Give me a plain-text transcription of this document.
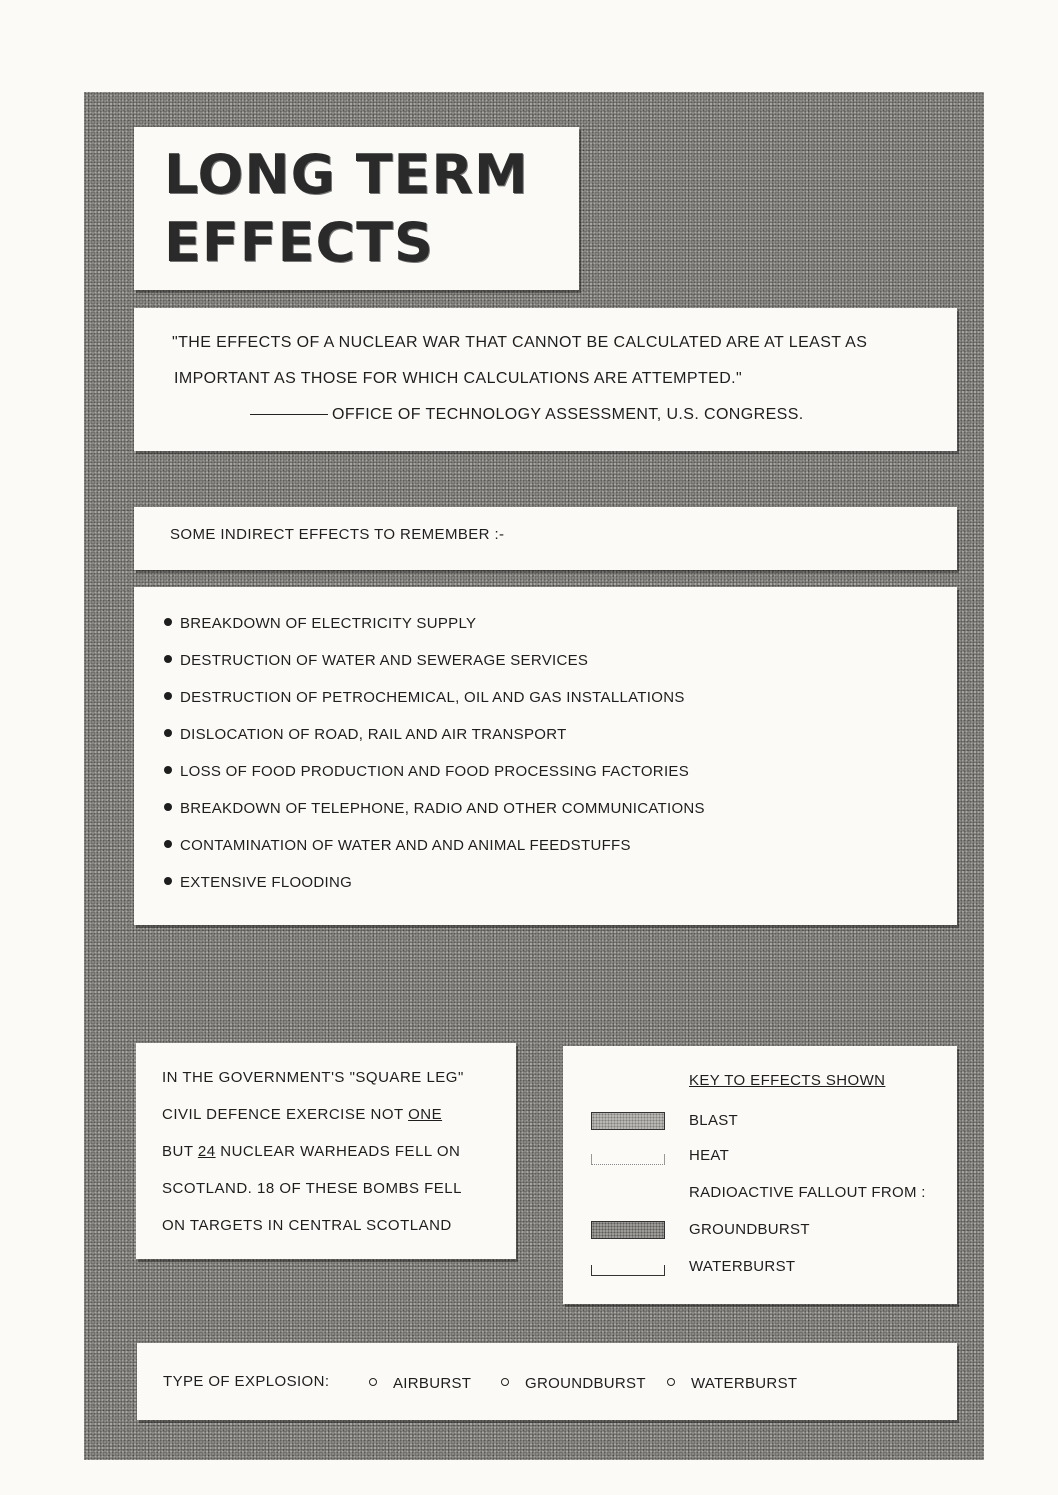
LONG TERM
EFFECTS
"THE EFFECTS OF A NUCLEAR WAR THAT CANNOT BE CALCULATED ARE AT LEAST AS
IMPORTANT AS THOSE FOR WHICH CALCULATIONS ARE ATTEMPTED."
OFFICE OF TECHNOLOGY ASSESSMENT, U.S. CONGRESS.
SOME INDIRECT EFFECTS TO REMEMBER :-
BREAKDOWN OF ELECTRICITY SUPPLY
DESTRUCTION OF WATER AND SEWERAGE SERVICES
DESTRUCTION OF PETROCHEMICAL, OIL AND GAS INSTALLATIONS
DISLOCATION OF ROAD, RAIL AND AIR TRANSPORT
LOSS OF FOOD PRODUCTION AND FOOD PROCESSING FACTORIES
BREAKDOWN OF TELEPHONE, RADIO AND OTHER COMMUNICATIONS
CONTAMINATION OF WATER AND AND ANIMAL FEEDSTUFFS
EXTENSIVE FLOODING
IN THE GOVERNMENT'S "SQUARE LEG"
CIVIL DEFENCE EXERCISE NOT ONE
BUT 24 NUCLEAR WARHEADS FELL ON
SCOTLAND. 18 OF THESE BOMBS FELL
ON TARGETS IN CENTRAL SCOTLAND
KEY TO EFFECTS SHOWN
BLAST
HEAT
RADIOACTIVE FALLOUT FROM :
GROUNDBURST
WATERBURST
TYPE OF EXPLOSION:	AIRBURST	GROUNDBURST	WATERBURST
